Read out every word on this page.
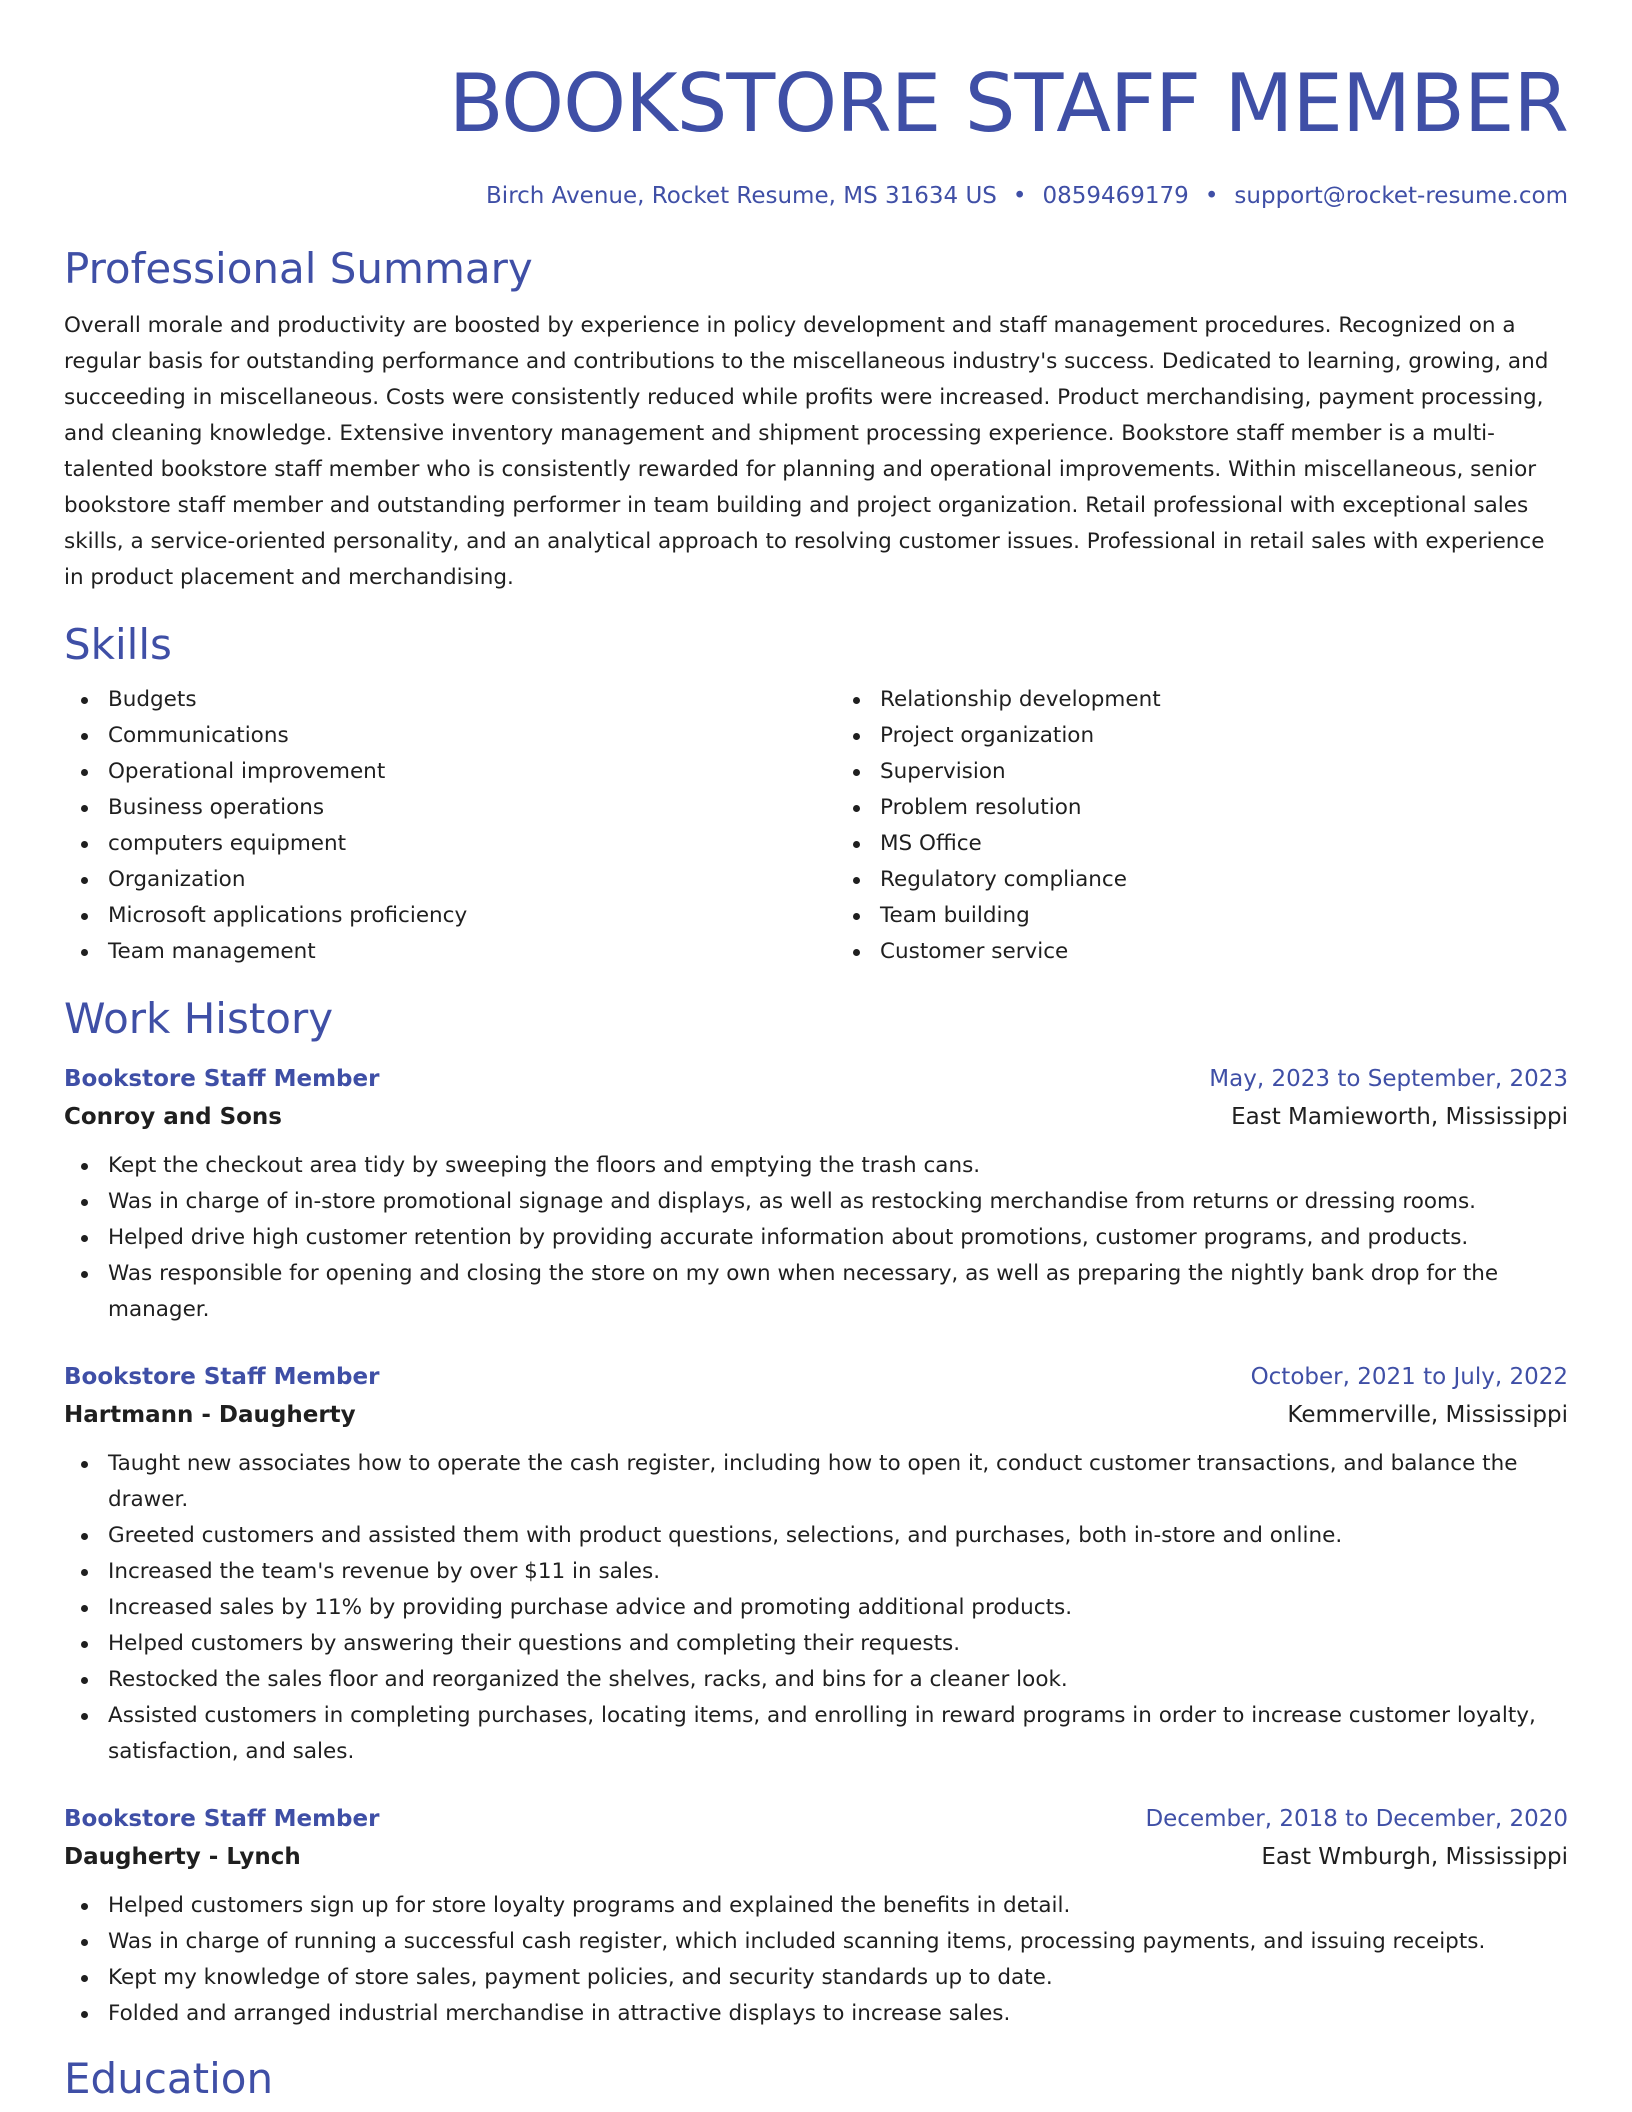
BOOKSTORE STAFF MEMBER
Birch Avenue, Rocket Resume, MS 31634 US • 0859469179 • support@rocket-resume.com
Professional Summary

Overall morale and productivity are boosted by experience in policy development and staff management procedures. Recognized on a regular basis for outstanding performance and contributions to the miscellaneous industry's success. Dedicated to learning, growing, and succeeding in miscellaneous. Costs were consistently reduced while profits were increased. Product merchandising, payment processing, and cleaning knowledge. Extensive inventory management and shipment processing experience. Bookstore staff member is a multi-talented bookstore staff member who is consistently rewarded for planning and operational improvements. Within miscellaneous, senior bookstore staff member and outstanding performer in team building and project organization. Retail professional with exceptional sales skills, a service-oriented personality, and an analytical approach to resolving customer issues. Professional in retail sales with experience in product placement and merchandising.

Skills
Budgets
Communications
Operational improvement
Business operations
computers equipment
Organization
Microsoft applications proficiency
Team management
Relationship development
Project organization
Supervision
Problem resolution
MS Office
Regulatory compliance
Team building
Customer service
Work History
Bookstore Staff Member	May, 2023 to September, 2023
Conroy and Sons	East Mamieworth, Mississippi
Kept the checkout area tidy by sweeping the floors and emptying the trash cans.
Was in charge of in-store promotional signage and displays, as well as restocking merchandise from returns or dressing rooms.
Helped drive high customer retention by providing accurate information about promotions, customer programs, and products.
Was responsible for opening and closing the store on my own when necessary, as well as preparing the nightly bank drop for the manager.
Bookstore Staff Member	October, 2021 to July, 2022
Hartmann - Daugherty	Kemmerville, Mississippi
Taught new associates how to operate the cash register, including how to open it, conduct customer transactions, and balance the drawer.
Greeted customers and assisted them with product questions, selections, and purchases, both in-store and online.
Increased the team's revenue by over $11 in sales.
Increased sales by 11% by providing purchase advice and promoting additional products.
Helped customers by answering their questions and completing their requests.
Restocked the sales floor and reorganized the shelves, racks, and bins for a cleaner look.
Assisted customers in completing purchases, locating items, and enrolling in reward programs in order to increase customer loyalty, satisfaction, and sales.
Bookstore Staff Member	December, 2018 to December, 2020
Daugherty - Lynch	East Wmburgh, Mississippi
Helped customers sign up for store loyalty programs and explained the benefits in detail.
Was in charge of running a successful cash register, which included scanning items, processing payments, and issuing receipts.
Kept my knowledge of store sales, payment policies, and security standards up to date.
Folded and arranged industrial merchandise in attractive displays to increase sales.
Education
